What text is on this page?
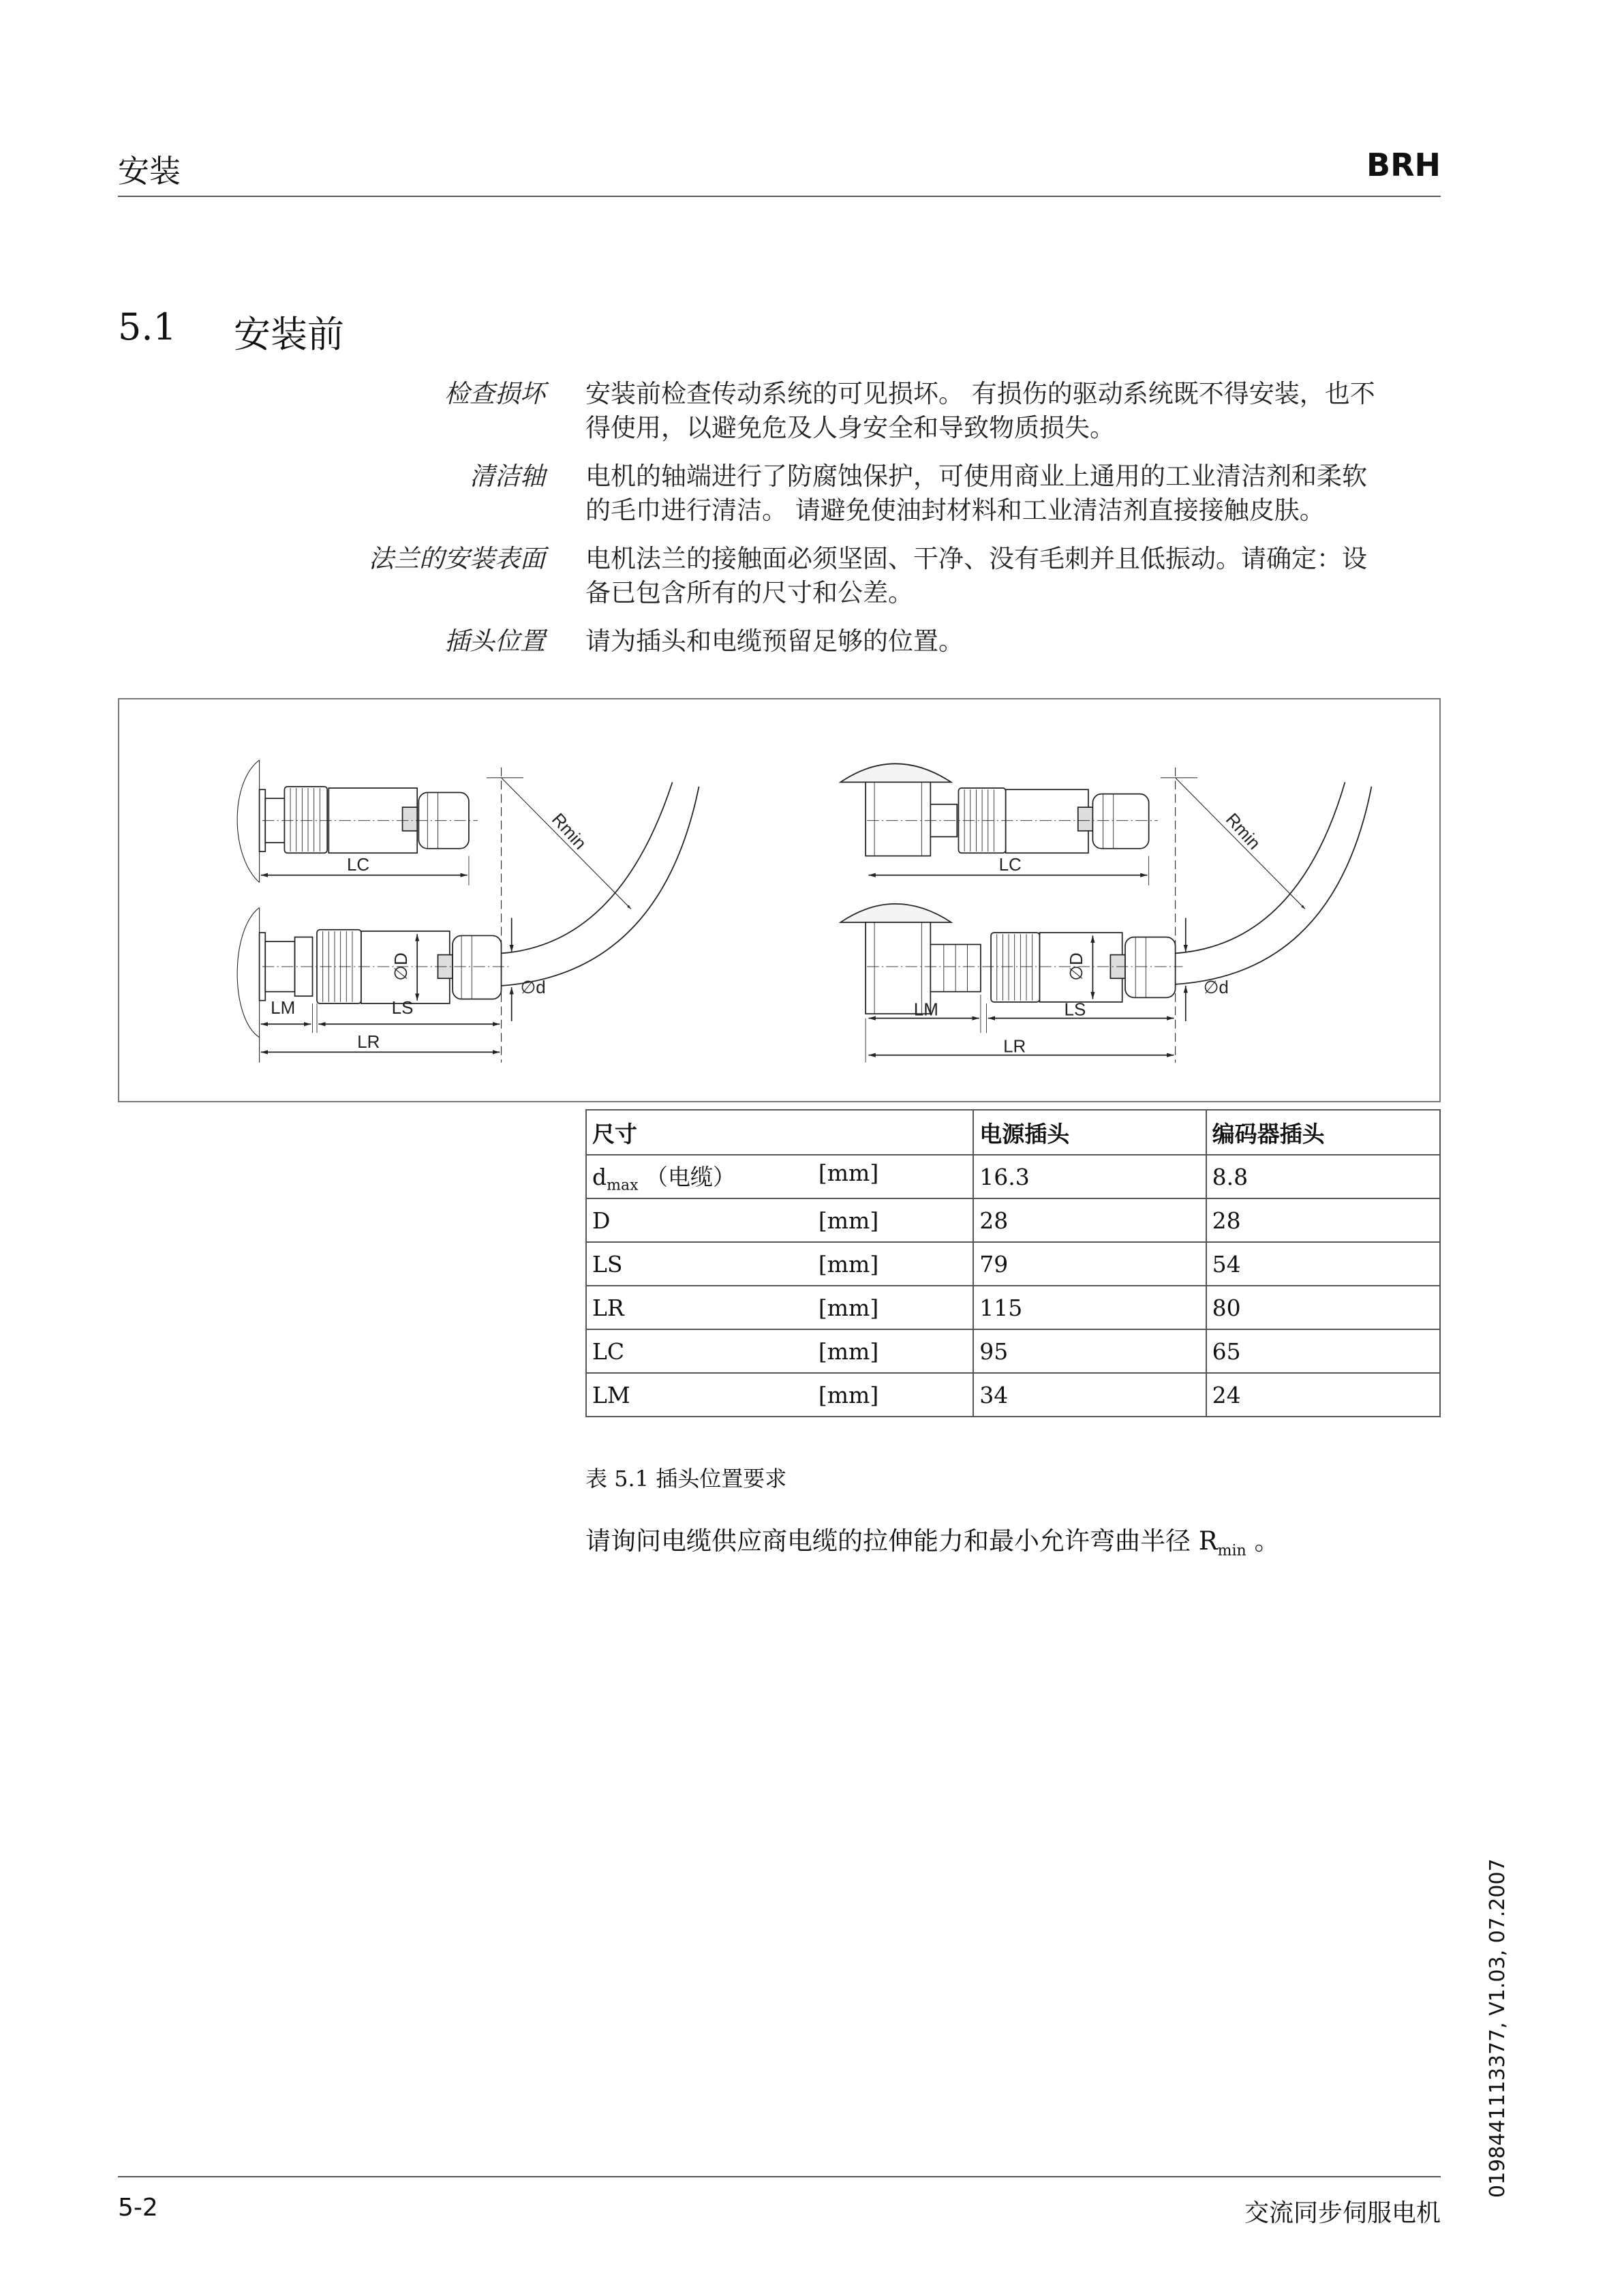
安装	BRH
5.1 安装前
检查损坏 安装前检查传动系统的可见损坏。 有损伤的驱动系统既不得安装，也不
得使用，以避免危及人身安全和导致物质损失。
清洁轴 电机的轴端进行了防腐蚀保护，可使用商业上通用的工业清洁剂和柔软
的毛巾进行清洁。 请避免使油封材料和工业清洁剂直接接触皮肤。
法兰的安装表面 电机法兰的接触面必须坚固、干净、没有毛刺并且低振动。请确定：设
备已包含所有的尺寸和公差。
插头位置 请为插头和电缆预留足够的位置。
LC
Rmin
∅D
∅d
LM	LS
LR
LC
Rmin
∅D
∅d
LM	LS
LR
尺寸	电源插头	编码器插头
$d_{max}$ （电缆） [mm]	16.3	8.8
D [mm]	28	28
LS [mm]	79	54
LR [mm]	115	80
LC [mm]	95	65
LM [mm]	34	24
表 5.1 插头位置要求
请询问电缆供应商电缆的拉伸能力和最小允许弯曲半径 $R_{min}$ 。
0198441113377, V1.03, 07.2007
5-2	交流同步伺服电机
